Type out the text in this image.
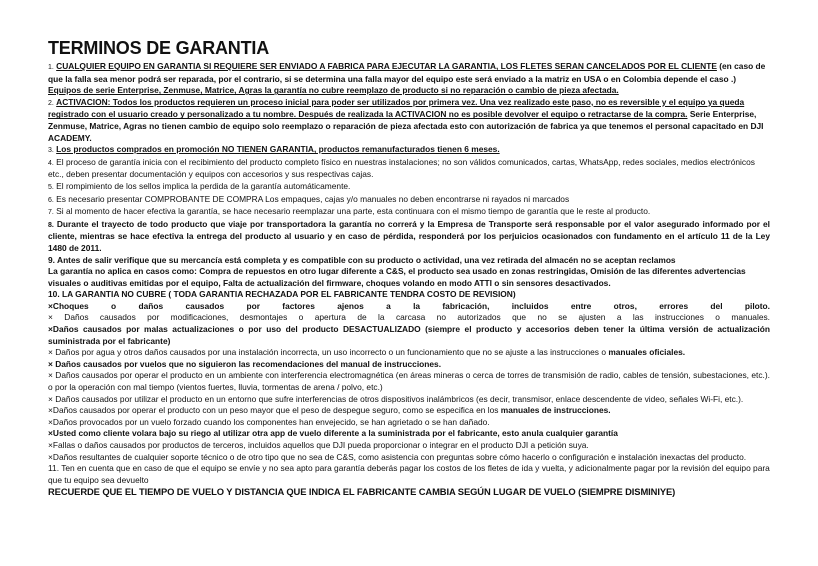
TERMINOS DE GARANTIA

1. CUALQUIER EQUIPO EN GARANTIA SI REQUIERE SER ENVIADO A FABRICA PARA EJECUTAR LA GARANTIA, LOS FLETES SERAN CANCELADOS POR EL CLIENTE (en caso de que la falla sea menor podrá ser reparada, por el contrario, si se determina una falla mayor del equipo este será enviado a la matriz en USA o en Colombia depende el caso .) Equipos de serie Enterprise, Zenmuse, Matrice, Agras la garantía no cubre reemplazo de producto si no reparación o cambio de pieza afectada.

2. ACTIVACION: Todos los productos requieren un proceso inicial para poder ser utilizados por primera vez. Una vez realizado este paso, no es reversible y el equipo ya queda registrado con el usuario creado y personalizado a tu nombre. Después de realizada la ACTIVACION no es posible devolver el equipo o retractarse de la compra. Serie Enterprise, Zenmuse, Matrice, Agras no tienen cambio de equipo solo reemplazo o reparación de pieza afectada esto con autorización de fabrica ya que tenemos el personal capacitado en DJI ACADEMY.

3. Los productos comprados en promoción NO TIENEN GARANTIA, productos remanufacturados tienen 6 meses.

4. El proceso de garantía inicia con el recibimiento del producto completo físico en nuestras instalaciones; no son válidos comunicados, cartas, WhatsApp, redes sociales, medios electrónicos etc., deben presentar documentación y equipos con accesorios y sus respectivas cajas.

5. El rompimiento de los sellos implica la perdida de la garantía automáticamente.

6. Es necesario presentar COMPROBANTE DE COMPRA Los empaques, cajas y/o manuales no deben encontrarse ni rayados ni marcados

7. Si al momento de hacer efectiva la garantía, se hace necesario reemplazar una parte, esta continuara con el mismo tiempo de garantía que le reste al producto.

8. Durante el trayecto de todo producto que viaje por transportadora la garantía no correrá y la Empresa de Transporte será responsable por el valor asegurado informado por el cliente, mientras se hace efectiva la entrega del producto al usuario y en caso de pérdida, responderá por los perjuicios ocasionados con fundamento en el artículo 11 de la Ley 1480 de 2011.

9. Antes de salir verifique que su mercancía está completa y es compatible con su producto o actividad, una vez retirada del almacén no se aceptan reclamos

La garantía no aplica en casos como: Compra de repuestos en otro lugar diferente a C&S, el producto sea usado en zonas restringidas, Omisión de las diferentes advertencias visuales o auditivas emitidas por el equipo, Falta de actualización del firmware, choques volando en modo ATTI o sin sensores desactivados.

10. LA GARANTIA NO CUBRE ( TODA GARANTIA RECHAZADA POR EL FABRICANTE TENDRA COSTO DE REVISION)

×Choques o daños causados por factores ajenos a la fabricación, incluidos entre otros, errores del piloto.

× Daños causados por modificaciones, desmontajes o apertura de la carcasa no autorizados que no se ajusten a las instrucciones o manuales.

×Daños causados por malas actualizaciones o por uso del producto DESACTUALIZADO (siempre el producto y accesorios deben tener la última versión de actualización suministrada por el fabricante)

× Daños por agua y otros daños causados por una instalación incorrecta, un uso incorrecto o un funcionamiento que no se ajuste a las instrucciones o manuales oficiales.

× Daños causados por vuelos que no siguieron las recomendaciones del manual de instrucciones.

× Daños causados por operar el producto en un ambiente con interferencia electromagnética (en áreas mineras o cerca de torres de transmisión de radio, cables de tensión, subestaciones, etc.). o por la operación con mal tiempo (vientos fuertes, lluvia, tormentas de arena / polvo, etc.)

× Daños causados por utilizar el producto en un entorno que sufre interferencias de otros dispositivos inalámbricos (es decir, transmisor, enlace descendente de video, señales Wi-Fi, etc.).

×Daños causados por operar el producto con un peso mayor que el peso de despegue seguro, como se especifica en los manuales de instrucciones.

×Daños provocados por un vuelo forzado cuando los componentes han envejecido, se han agrietado o se han dañado.

×Usted como cliente volara bajo su riego al utilizar otra app de vuelo diferente a la suministrada por el fabricante, esto anula cualquier garantía

×Fallas o daños causados por productos de terceros, incluidos aquellos que DJI pueda proporcionar o integrar en el producto DJI a petición suya.

×Daños resultantes de cualquier soporte técnico o de otro tipo que no sea de C&S, como asistencia con preguntas sobre cómo hacerlo o configuración e instalación inexactas del producto.

11. Ten en cuenta que en caso de que el equipo se envíe y no sea apto para garantía deberás pagar los costos de los fletes de ida y vuelta, y adicionalmente pagar por la revisión del equipo para que tu equipo sea devuelto

RECUERDE QUE EL TIEMPO DE VUELO Y DISTANCIA QUE INDICA EL FABRICANTE CAMBIA SEGÚN LUGAR DE VUELO (SIEMPRE DISMINIYE)
